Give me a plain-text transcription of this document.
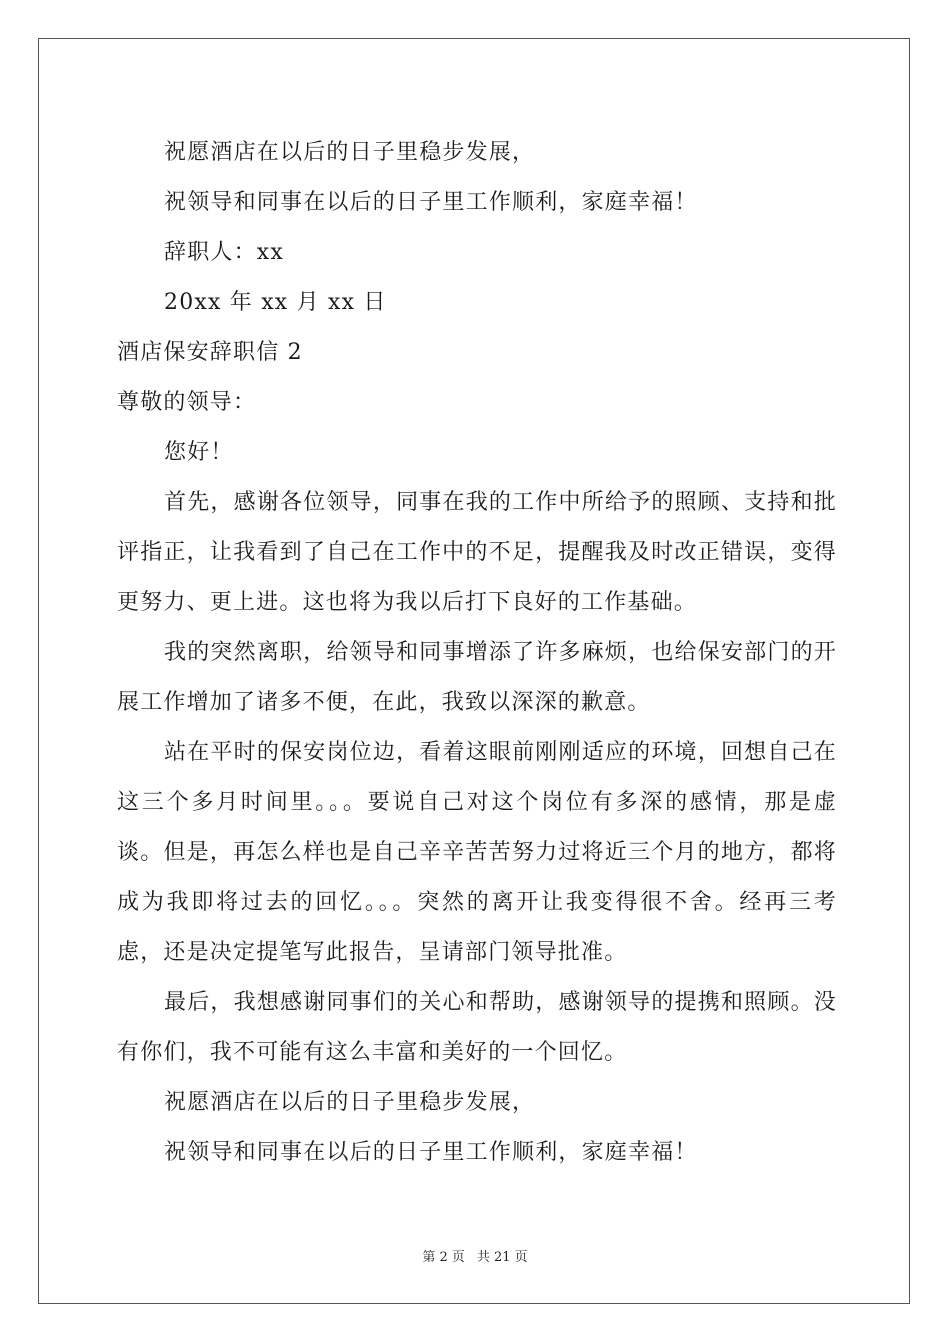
祝愿酒店在以后的日子里稳步发展，

祝领导和同事在以后的日子里工作顺利，家庭幸福！

辞职人：xx

20xx 年 xx 月 xx 日

酒店保安辞职信 2

尊敬的领导：

您好！

首先，感谢各位领导，同事在我的工作中所给予的照顾、支持和批评指正，让我看到了自己在工作中的不足，提醒我及时改正错误，变得更努力、更上进。这也将为我以后打下良好的工作基础。

我的突然离职，给领导和同事增添了许多麻烦，也给保安部门的开展工作增加了诸多不便，在此，我致以深深的歉意。

站在平时的保安岗位边，看着这眼前刚刚适应的环境，回想自己在这三个多月时间里。。。要说自己对这个岗位有多深的感情，那是虚谈。但是，再怎么样也是自己辛辛苦苦努力过将近三个月的地方，都将成为我即将过去的回忆。。。突然的离开让我变得很不舍。经再三考虑，还是决定提笔写此报告，呈请部门领导批准。

最后，我想感谢同事们的关心和帮助，感谢领导的提携和照顾。没有你们，我不可能有这么丰富和美好的一个回忆。

祝愿酒店在以后的日子里稳步发展，

祝领导和同事在以后的日子里工作顺利，家庭幸福！

第 2 页 共 21 页
